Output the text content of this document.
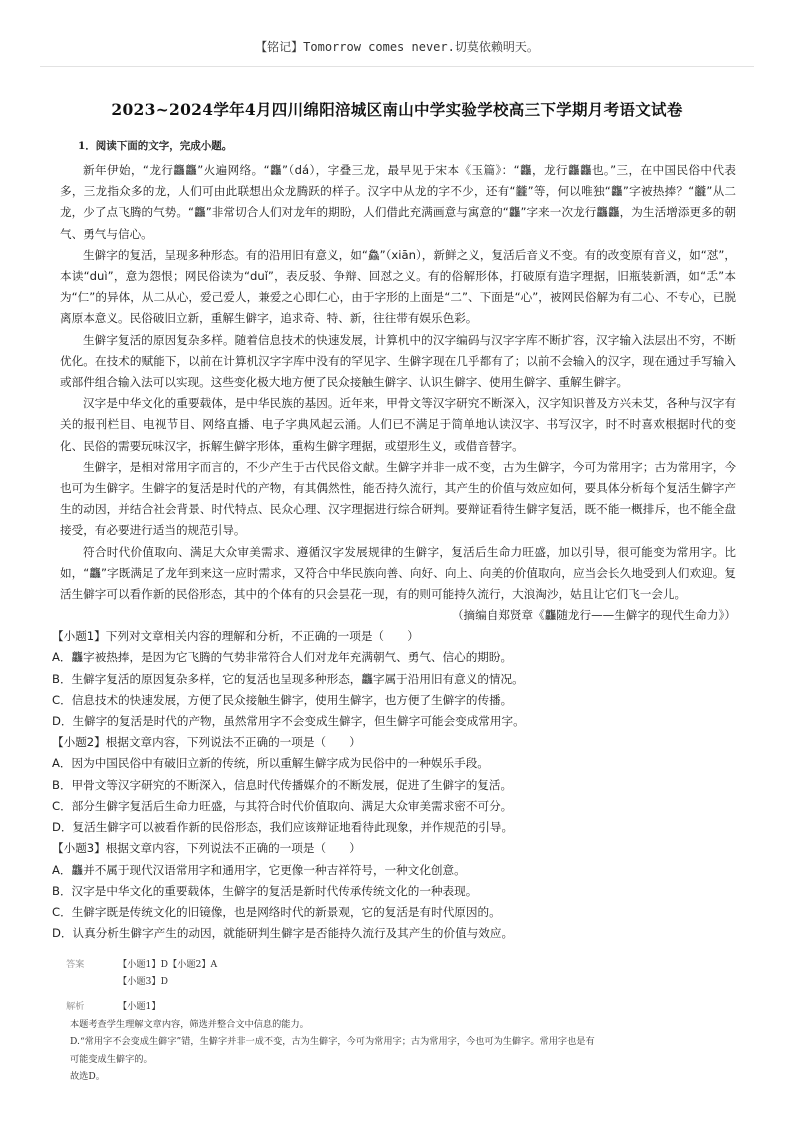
【铭记】Tomorrow comes never.切莫依赖明天。
2023~2024学年4月四川绵阳涪城区南山中学实验学校高三下学期月考语文试卷
1．阅读下面的文字，完成小题。

新年伊始，“龙行龘龘”火遍网络。“龘”（dá），字叠三龙，最早见于宋本《玉篇》：“龘，龙行龘龘也。”三，在中国民俗中代表多，三龙指众多的龙，人们可由此联想出众龙腾跃的样子。汉字中从龙的字不少，还有“龖”等，何以唯独“龘”字被热捧？“龖”从二龙，少了点飞腾的气势。“龘”非常切合人们对龙年的期盼，人们借此充满画意与寓意的“龘”字来一次龙行龘龘，为生活增添更多的朝气、勇气与信心。

生僻字的复活，呈现多种形态。有的沿用旧有意义，如“鱻”（xiān），新鲜之义，复活后音义不变。有的改变原有音义，如“怼”，本读“duì”，意为怨恨；网民俗读为“duǐ”，表反驳、争辩、回怼之义。有的俗解形体，打破原有造字理据，旧瓶装新酒，如“忎”本为“仁”的异体，从二从心，爱己爱人，兼爱之心即仁心，由于字形的上面是“二”、下面是“心”，被网民俗解为有二心、不专心，已脱离原本意义。民俗破旧立新，重解生僻字，追求奇、特、新，往往带有娱乐色彩。

生僻字复活的原因复杂多样。随着信息技术的快速发展，计算机中的汉字编码与汉字字库不断扩容，汉字输入法层出不穷，不断优化。在技术的赋能下，以前在计算机汉字字库中没有的罕见字、生僻字现在几乎都有了；以前不会输入的汉字，现在通过手写输入或部件组合输入法可以实现。这些变化极大地方便了民众接触生僻字、认识生僻字、使用生僻字、重解生僻字。

汉字是中华文化的重要载体，是中华民族的基因。近年来，甲骨文等汉字研究不断深入，汉字知识普及方兴未艾，各种与汉字有关的报刊栏目、电视节目、网络直播、电子字典风起云涌。人们已不满足于简单地认读汉字、书写汉字，时不时喜欢根据时代的变化、民俗的需要玩味汉字，拆解生僻字形体，重构生僻字理据，或望形生义，或借音替字。

生僻字，是相对常用字而言的，不少产生于古代民俗文献。生僻字并非一成不变，古为生僻字，今可为常用字；古为常用字，今也可为生僻字。生僻字的复活是时代的产物，有其偶然性，能否持久流行，其产生的价值与效应如何，要具体分析每个复活生僻字产生的动因，并结合社会背景、时代特点、民众心理、汉字理据进行综合研判。要辩证看待生僻字复活，既不能一概排斥，也不能全盘接受，有必要进行适当的规范引导。

符合时代价值取向、满足大众审美需求、遵循汉字发展规律的生僻字，复活后生命力旺盛，加以引导，很可能变为常用字。比如，“龘”字既满足了龙年到来这一应时需求，又符合中华民族向善、向好、向上、向美的价值取向，应当会长久地受到人们欢迎。复活生僻字可以看作新的民俗形态，其中的个体有的只会昙花一现，有的则可能持久流行，大浪淘沙，姑且让它们飞一会儿。

（摘编自郑贤章《龘随龙行——生僻字的现代生命力》）

【小题1】下列对文章相关内容的理解和分析，不正确的一项是（　　）

A．龘字被热捧，是因为它飞腾的气势非常符合人们对龙年充满朝气、勇气、信心的期盼。

B．生僻字复活的原因复杂多样，它的复活也呈现多种形态，龘字属于沿用旧有意义的情况。

C．信息技术的快速发展，方便了民众接触生僻字，使用生僻字，也方便了生僻字的传播。

D．生僻字的复活是时代的产物，虽然常用字不会变成生僻字，但生僻字可能会变成常用字。

【小题2】根据文章内容，下列说法不正确的一项是（　　）

A．因为中国民俗中有破旧立新的传统，所以重解生僻字成为民俗中的一种娱乐手段。

B．甲骨文等汉字研究的不断深入，信息时代传播媒介的不断发展，促进了生僻字的复活。

C．部分生僻字复活后生命力旺盛，与其符合时代价值取向、满足大众审美需求密不可分。

D．复活生僻字可以被看作新的民俗形态，我们应该辩证地看待此现象，并作规范的引导。

【小题3】根据文章内容，下列说法不正确的一项是（　　）

A．龘并不属于现代汉语常用字和通用字，它更像一种吉祥符号，一种文化创意。

B．汉字是中华文化的重要载体，生僻字的复活是新时代传承传统文化的一种表现。

C．生僻字既是传统文化的旧镜像，也是网络时代的新景观，它的复活是有时代原因的。

D．认真分析生僻字产生的动因，就能研判生僻字是否能持久流行及其产生的价值与效应。

答案	【小题1】D【小题2】A
【小题3】D
解析	【小题1】
本题考查学生理解文章内容，筛选并整合文中信息的能力。
D.“常用字不会变成生僻字”错，生僻字并非一成不变，古为生僻字，今可为常用字；古为常用字，今也可为生僻字。常用字也是有
可能变成生僻字的。
故选D。
